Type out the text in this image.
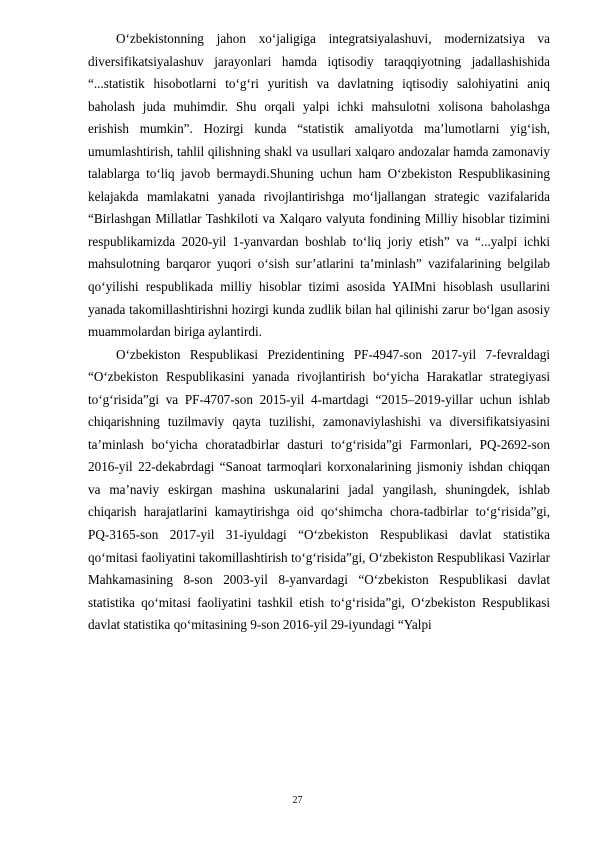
O‘zbekistonning jahon xo‘jaligiga integratsiyalashuvi, modernizatsiya va diversifikatsiyalashuv jarayonlari hamda iqtisodiy taraqqiyotning jadallashishida “...statistik hisobotlarni to‘g‘ri yuritish va davlatning iqtisodiy salohiyatini aniq baholash juda muhimdir. Shu orqali yalpi ichki mahsulotni xolisona baholashga erishish mumkin”. Hozirgi kunda “statistik amaliyotda ma’lumotlarni yig‘ish, umumlashtirish, tahlil qilishning shakl va usullari xalqaro andozalar hamda zamonaviy talablarga to‘liq javob bermaydi.Shuning uchun ham O‘zbekiston Respublikasining kelajakda mamlakatni yanada rivojlantirishga mo‘ljallangan strategic vazifalarida “Birlashgan Millatlar Tashkiloti va Xalqaro valyuta fondining Milliy hisoblar tizimini respublikamizda 2020-yil 1-yanvardan boshlab to‘liq joriy etish” va “...yalpi ichki mahsulotning barqaror yuqori o‘sish sur’atlarini ta’minlash” vazifalarining belgilab qo‘yilishi respublikada milliy hisoblar tizimi asosida YAIMni hisoblash usullarini yanada takomillashtirishni hozirgi kunda zudlik bilan hal qilinishi zarur bo‘lgan asosiy muammolardan biriga aylantirdi.

O‘zbekiston Respublikasi Prezidentining PF-4947-son 2017-yil 7-fevraldagi “O‘zbekiston Respublikasini yanada rivojlantirish bo‘yicha Harakatlar strategiyasi to‘g‘risida”gi va PF-4707-son 2015-yil 4-martdagi “2015–2019-yillar uchun ishlab chiqarishning tuzilmaviy qayta tuzilishi, zamonaviylashishi va diversifikatsiyasini ta’minlash bo‘yicha choratadbirlar dasturi to‘g‘risida”gi Farmonlari, PQ-2692-son 2016-yil 22-dekabrdagi “Sanoat tarmoqlari korxonalarining jismoniy ishdan chiqqan va ma’naviy eskirgan mashina uskunalarini jadal yangilash, shuningdek, ishlab chiqarish harajatlarini kamaytirishga oid qo‘shimcha chora-tadbirlar to‘g‘risida”gi, PQ-3165-son 2017-yil 31-iyuldagi “O‘zbekiston Respublikasi davlat statistika qo‘mitasi faoliyatini takomillashtirish to‘g‘risida”gi, O‘zbekiston Respublikasi Vazirlar Mahkamasining 8-son 2003-yil 8-yanvardagi “O‘zbekiston Respublikasi davlat statistika qo‘mitasi faoliyatini tashkil etish to‘g‘risida”gi, O‘zbekiston Respublikasi davlat statistika qo‘mitasining 9-son 2016-yil 29-iyundagi “Yalpi

27
